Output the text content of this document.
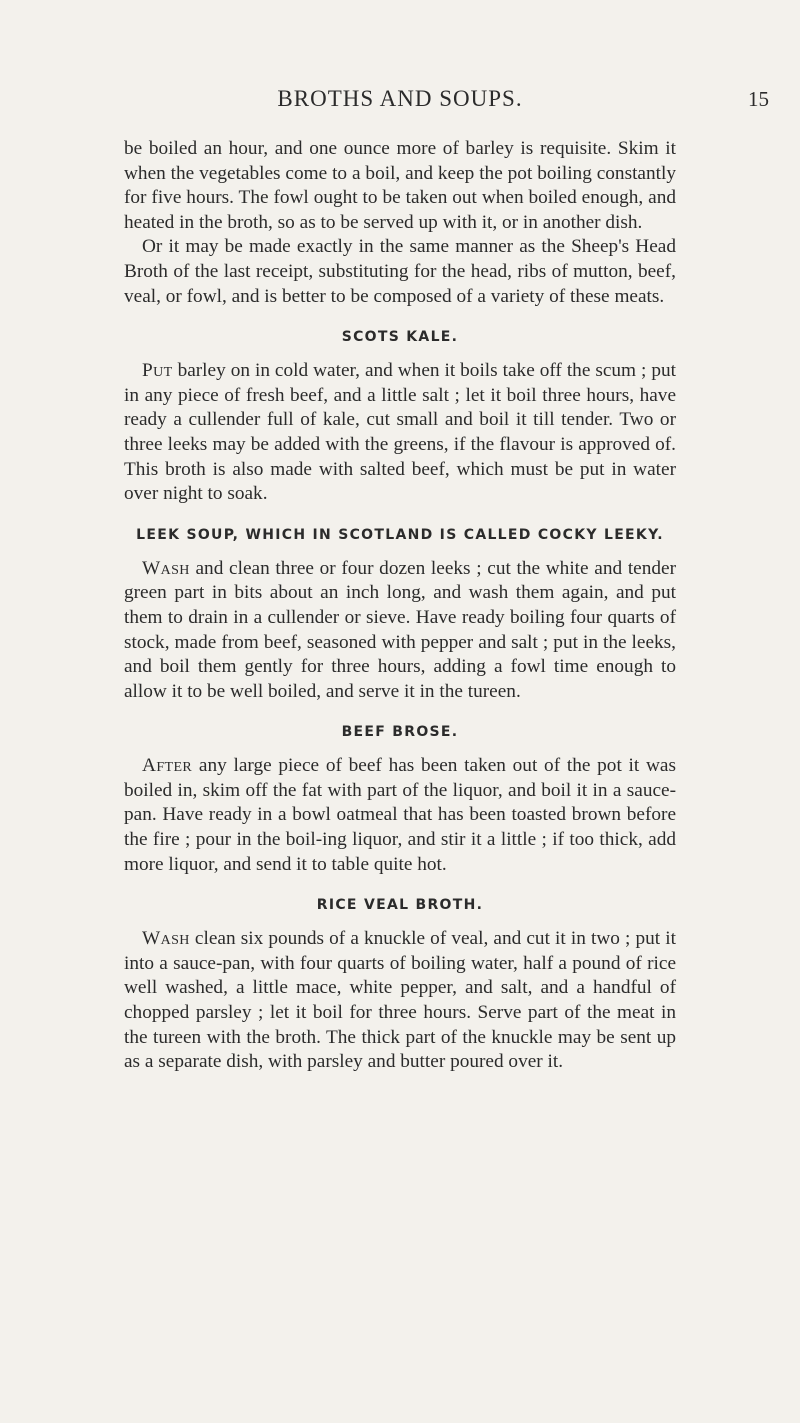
BROTHS AND SOUPS.	15

be boiled an hour, and one ounce more of barley is requisite. Skim it when the vegetables come to a boil, and keep the pot boiling constantly for five hours. The fowl ought to be taken out when boiled enough, and heated in the broth, so as to be served up with it, or in another dish.

Or it may be made exactly in the same manner as the Sheep's Head Broth of the last receipt, substituting for the head, ribs of mutton, beef, veal, or fowl, and is better to be composed of a variety of these meats.

SCOTS KALE.

Put barley on in cold water, and when it boils take off the scum ; put in any piece of fresh beef, and a little salt ; let it boil three hours, have ready a cullender full of kale, cut small and boil it till tender. Two or three leeks may be added with the greens, if the flavour is approved of. This broth is also made with salted beef, which must be put in water over night to soak.

LEEK SOUP, WHICH IN SCOTLAND IS CALLED COCKY LEEKY.

Wash and clean three or four dozen leeks ; cut the white and tender green part in bits about an inch long, and wash them again, and put them to drain in a cullender or sieve. Have ready boiling four quarts of stock, made from beef, seasoned with pepper and salt ; put in the leeks, and boil them gently for three hours, adding a fowl time enough to allow it to be well boiled, and serve it in the tureen.

BEEF BROSE.

After any large piece of beef has been taken out of the pot it was boiled in, skim off the fat with part of the liquor, and boil it in a sauce-pan. Have ready in a bowl oatmeal that has been toasted brown before the fire ; pour in the boil-ing liquor, and stir it a little ; if too thick, add more liquor, and send it to table quite hot.

RICE VEAL BROTH.

Wash clean six pounds of a knuckle of veal, and cut it in two ; put it into a sauce-pan, with four quarts of boiling water, half a pound of rice well washed, a little mace, white pepper, and salt, and a handful of chopped parsley ; let it boil for three hours. Serve part of the meat in the tureen with the broth. The thick part of the knuckle may be sent up as a separate dish, with parsley and butter poured over it.
